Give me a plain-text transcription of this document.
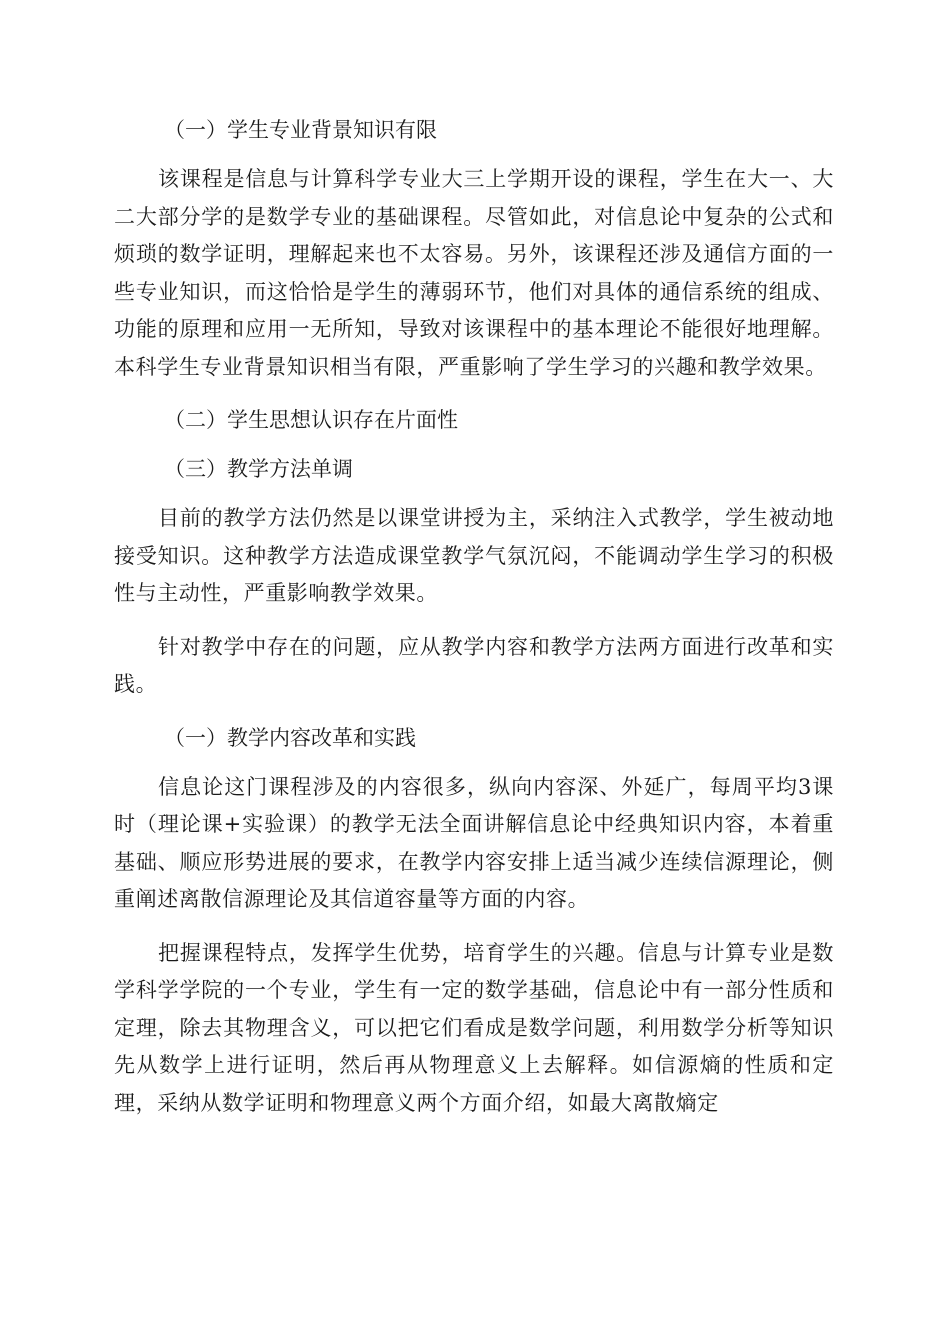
（一）学生专业背景知识有限

该课程是信息与计算科学专业大三上学期开设的课程，学生在大一、大二大部分学的是数学专业的基础课程。尽管如此，对信息论中复杂的公式和烦琐的数学证明，理解起来也不太容易。另外，该课程还涉及通信方面的一些专业知识，而这恰恰是学生的薄弱环节，他们对具体的通信系统的组成、功能的原理和应用一无所知，导致对该课程中的基本理论不能很好地理解。本科学生专业背景知识相当有限，严重影响了学生学习的兴趣和教学效果。

（二）学生思想认识存在片面性

（三）教学方法单调

目前的教学方法仍然是以课堂讲授为主，采纳注入式教学，学生被动地接受知识。这种教学方法造成课堂教学气氛沉闷，不能调动学生学习的积极性与主动性，严重影响教学效果。

针对教学中存在的问题，应从教学内容和教学方法两方面进行改革和实践。

（一）教学内容改革和实践

信息论这门课程涉及的内容很多，纵向内容深、外延广，每周平均3课时（理论课+实验课）的教学无法全面讲解信息论中经典知识内容，本着重基础、顺应形势进展的要求，在教学内容安排上适当减少连续信源理论，侧重阐述离散信源理论及其信道容量等方面的内容。

把握课程特点，发挥学生优势，培育学生的兴趣。信息与计算专业是数学科学学院的一个专业，学生有一定的数学基础，信息论中有一部分性质和定理，除去其物理含义，可以把它们看成是数学问题，利用数学分析等知识先从数学上进行证明，然后再从物理意义上去解释。如信源熵的性质和定理，采纳从数学证明和物理意义两个方面介绍，如最大离散熵定
